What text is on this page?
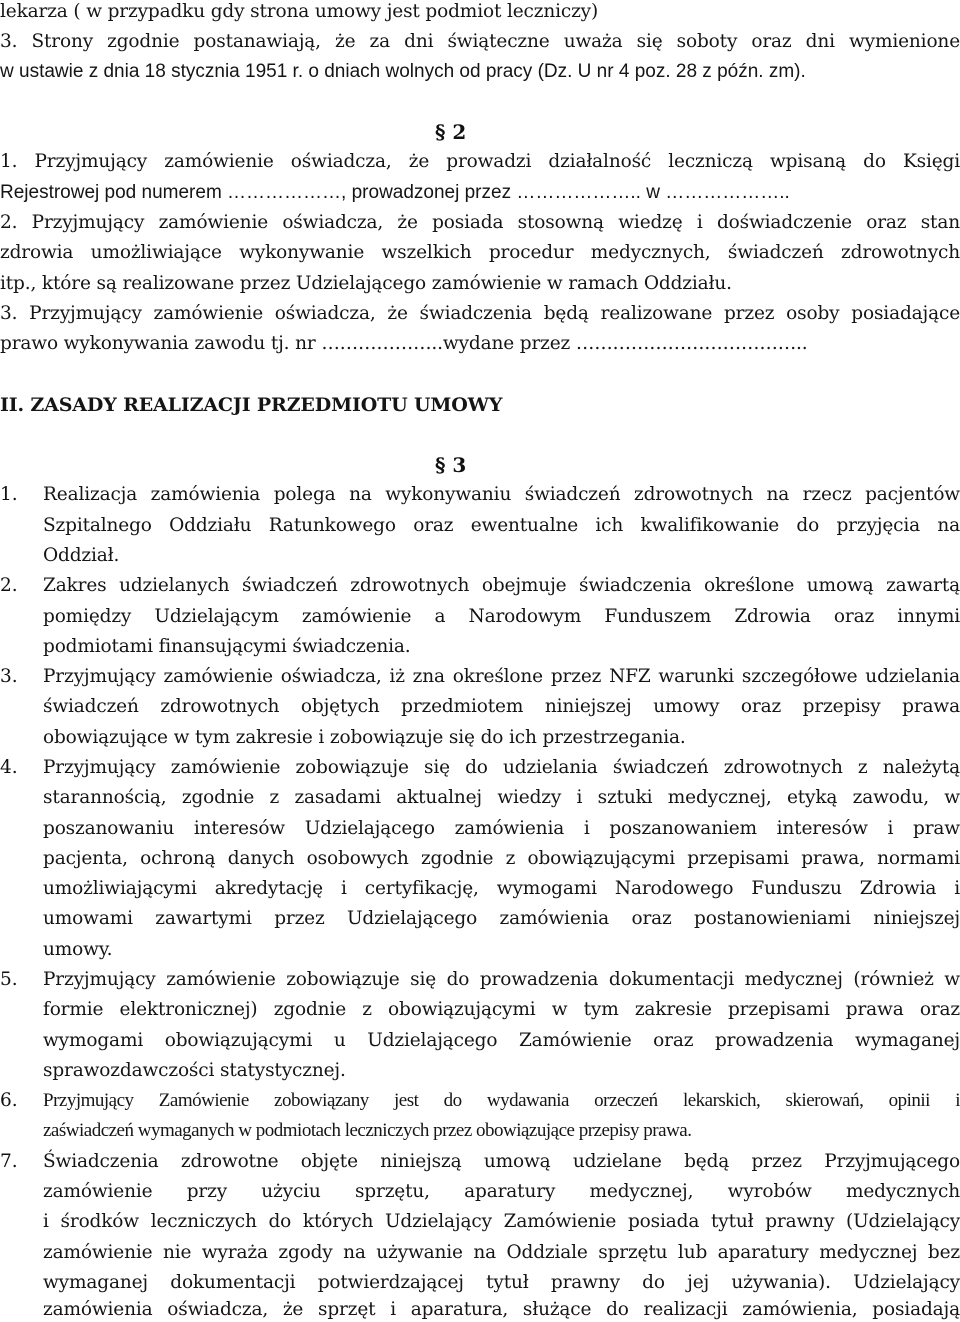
lekarza ( w przypadku gdy strona umowy jest podmiot leczniczy)
3. Strony zgodnie postanawiają, że za dni świąteczne uważa się soboty oraz dni wymienione
w ustawie z dnia 18 stycznia 1951 r. o dniach wolnych od pracy (Dz. U nr 4 poz. 28 z późn. zm).
§ 2
1. Przyjmujący zamówienie oświadcza, że prowadzi działalność leczniczą wpisaną do Księgi
Rejestrowej pod numerem ………………, prowadzonej przez ……………….. w ………………..
2. Przyjmujący zamówienie oświadcza, że posiada stosowną wiedzę i doświadczenie oraz stan
zdrowia umożliwiające wykonywanie wszelkich procedur medycznych, świadczeń zdrowotnych
itp., które są realizowane przez Udzielającego zamówienie w ramach Oddziału.
3. Przyjmujący zamówienie oświadcza, że świadczenia będą realizowane przez osoby posiadające
prawo wykonywania zawodu tj. nr ………………..wydane przez ………………………………..
II. ZASADY REALIZACJI PRZEDMIOTU UMOWY
§ 3
1. Realizacja zamówienia polega na wykonywaniu świadczeń zdrowotnych na rzecz pacjentów
Szpitalnego Oddziału Ratunkowego oraz ewentualne ich kwalifikowanie do przyjęcia na
Oddział.
2. Zakres udzielanych świadczeń zdrowotnych obejmuje świadczenia określone umową zawartą
pomiędzy Udzielającym zamówienie a Narodowym Funduszem Zdrowia oraz innymi
podmiotami finansującymi świadczenia.
3. Przyjmujący zamówienie oświadcza, iż zna określone przez NFZ warunki szczegółowe udzielania
świadczeń zdrowotnych objętych przedmiotem niniejszej umowy oraz przepisy prawa
obowiązujące w tym zakresie i zobowiązuje się do ich przestrzegania.
4. Przyjmujący zamówienie zobowiązuje się do udzielania świadczeń zdrowotnych z należytą
starannością, zgodnie z zasadami aktualnej wiedzy i sztuki medycznej, etyką zawodu, w
poszanowaniu interesów Udzielającego zamówienia i poszanowaniem interesów i praw
pacjenta, ochroną danych osobowych zgodnie z obowiązującymi przepisami prawa, normami
umożliwiającymi akredytację i certyfikację, wymogami Narodowego Funduszu Zdrowia i
umowami zawartymi przez Udzielającego zamówienia oraz postanowieniami niniejszej
umowy.
5. Przyjmujący zamówienie zobowiązuje się do prowadzenia dokumentacji medycznej (również w
formie elektronicznej) zgodnie z obowiązującymi w tym zakresie przepisami prawa oraz
wymogami obowiązującymi u Udzielającego Zamówienie oraz prowadzenia wymaganej
sprawozdawczości statystycznej.
6. Przyjmujący Zamówienie zobowiązany jest do wydawania orzeczeń lekarskich, skierowań, opinii i
zaświadczeń wymaganych w podmiotach leczniczych przez obowiązujące przepisy prawa.
7. Świadczenia zdrowotne objęte niniejszą umową udzielane będą przez Przyjmującego
zamówienie przy użyciu sprzętu, aparatury medycznej, wyrobów medycznych
i środków leczniczych do których Udzielający Zamówienie posiada tytuł prawny (Udzielający
zamówienie nie wyraża zgody na używanie na Oddziale sprzętu lub aparatury medycznej bez
wymaganej dokumentacji potwierdzającej tytuł prawny do jej używania). Udzielający
zamówienia oświadcza, że sprzęt i aparatura, służące do realizacji zamówienia, posiadają
